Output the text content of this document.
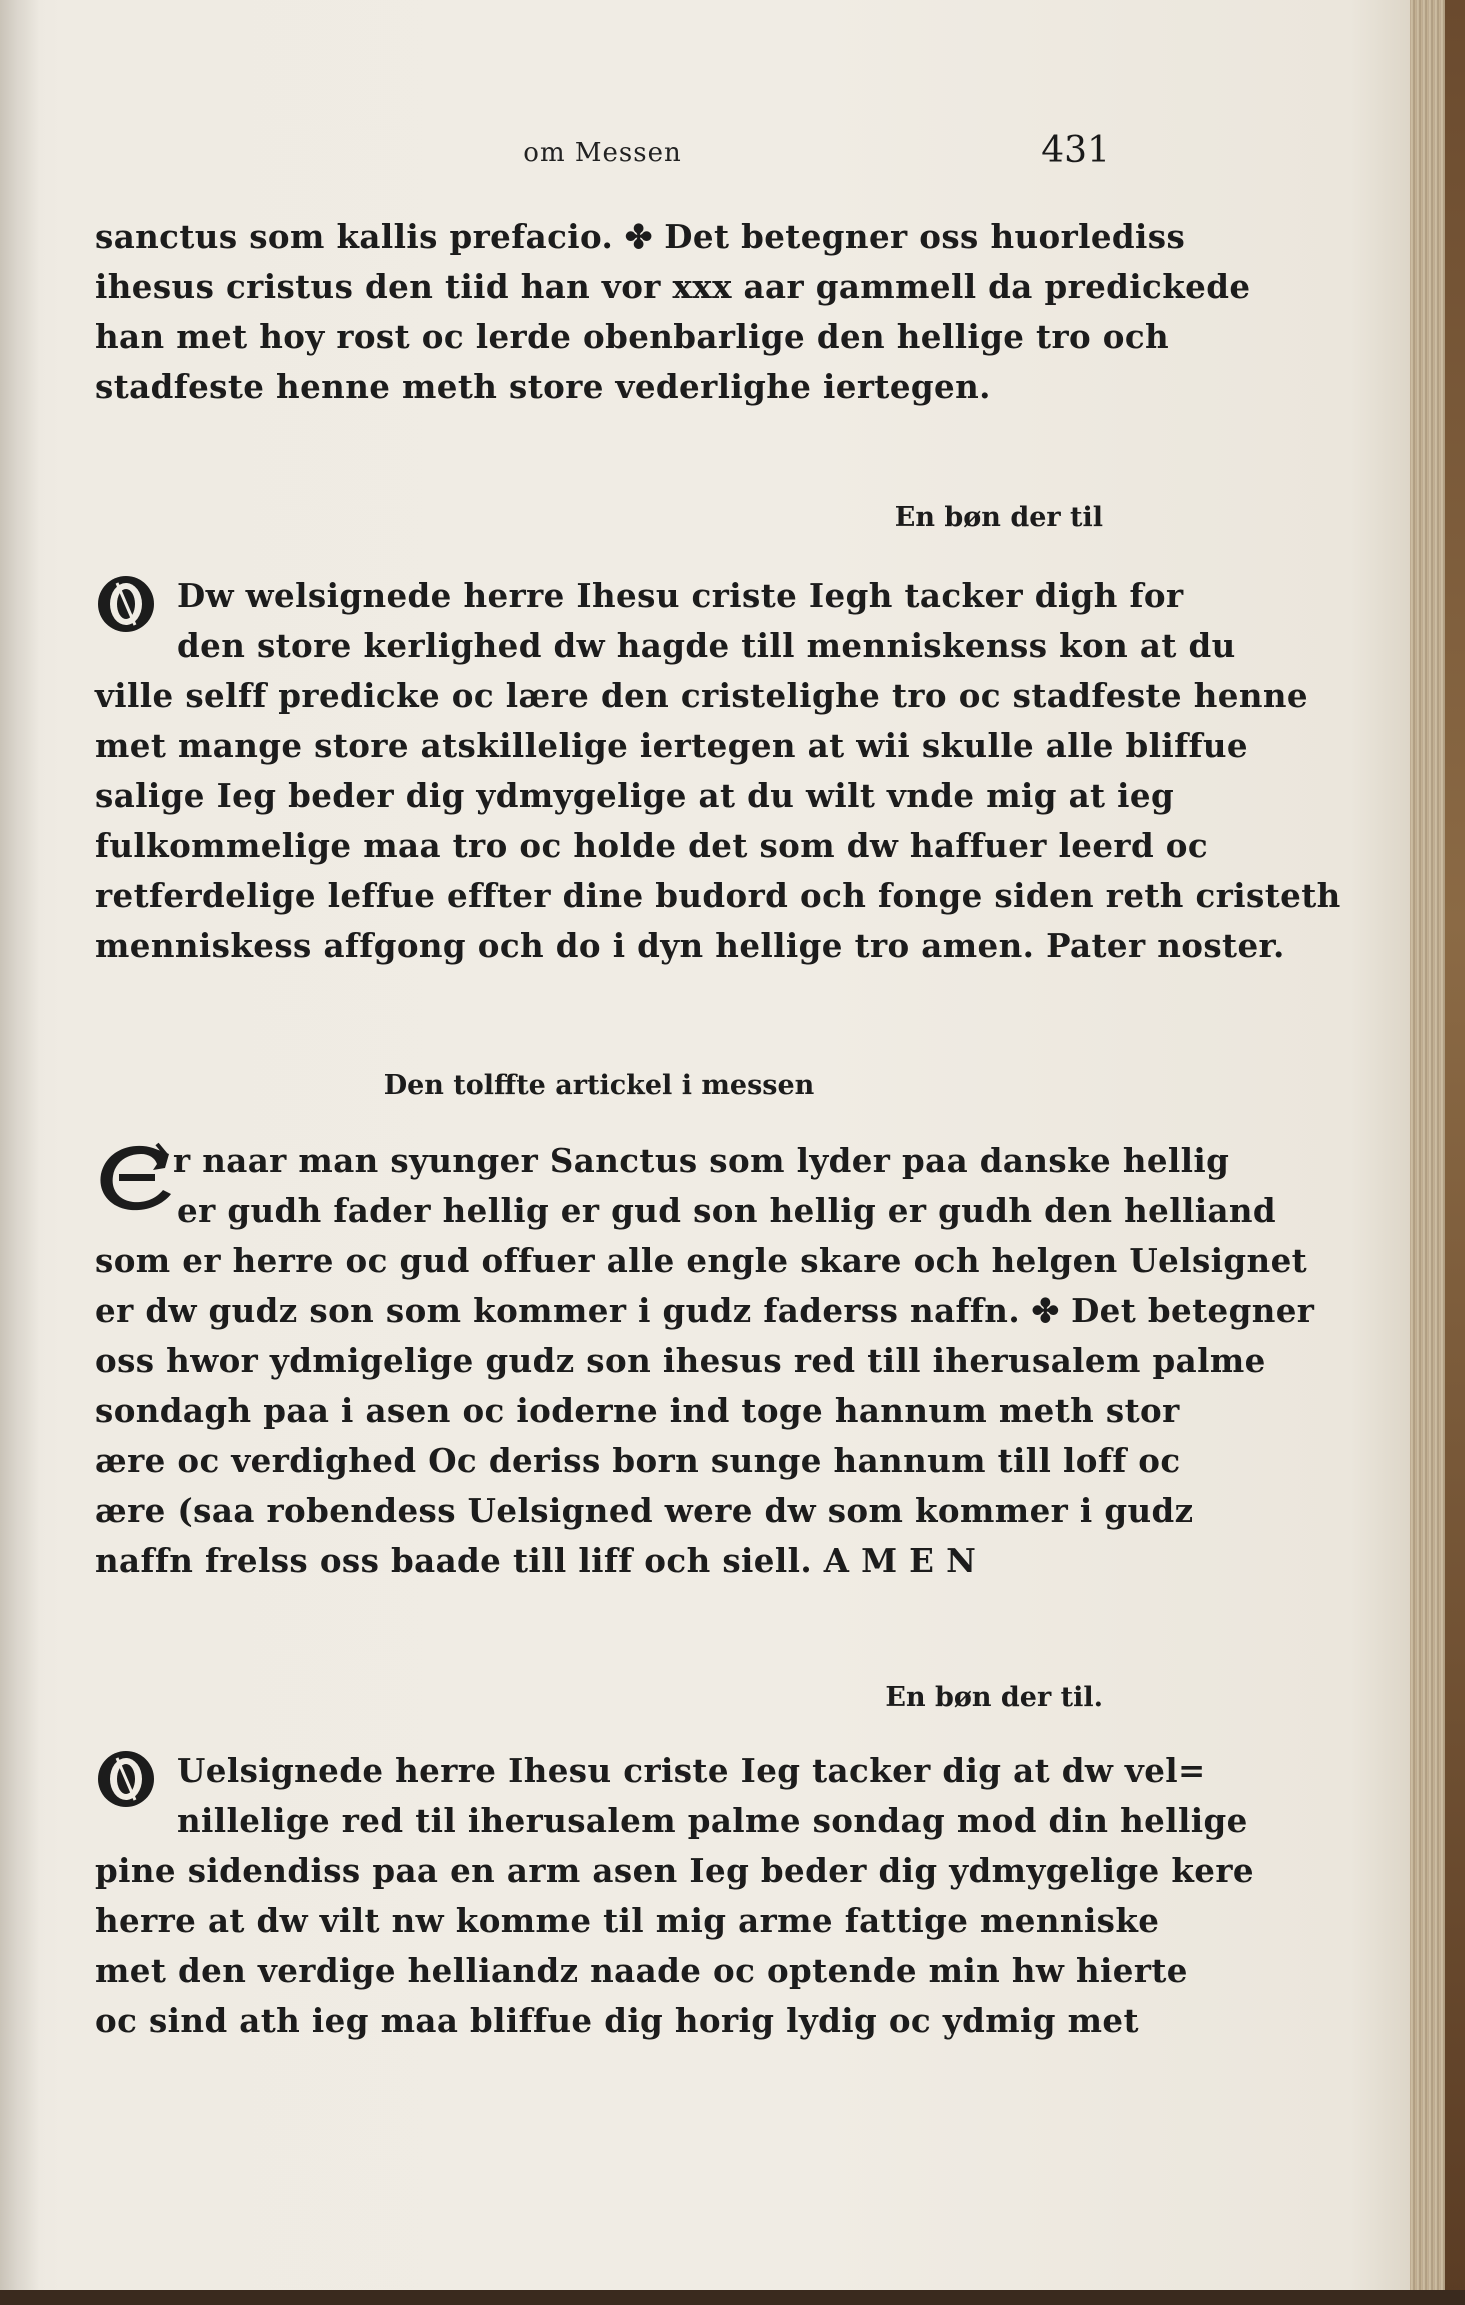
om Messen	431
sanctus som kallis prefacio. ✤ Det betegner oss huorlediss
ihesus cristus den tiid han vor xxx aar gammell da predickede
han met hoy rost oc lerde obenbarlige den hellige tro och
stadfeste henne meth store vederlighe iertegen.
En bøn der til
Dw welsignede herre Ihesu criste Iegh tacker digh for
den store kerlighed dw hagde till menniskenss kon at du
ville selff predicke oc lære den cristelighe tro oc stadfeste henne
met mange store atskillelige iertegen at wii skulle alle bliffue
salige Ieg beder dig ydmygelige at du wilt vnde mig at ieg
fulkommelige maa tro oc holde det som dw haffuer leerd oc
retferdelige leffue effter dine budord och fonge siden reth cristeth
menniskess affgong och do i dyn hellige tro amen. Pater noster.
Den tolffte artickel i messen
r naar man syunger Sanctus som lyder paa danske hellig
er gudh fader hellig er gud son hellig er gudh den helliand
som er herre oc gud offuer alle engle skare och helgen Uelsignet
er dw gudz son som kommer i gudz faderss naffn. ✤ Det betegner
oss hwor ydmigelige gudz son ihesus red till iherusalem palme
sondagh paa i asen oc ioderne ind toge hannum meth stor
ære oc verdighed Oc deriss born sunge hannum till loff oc
ære (saa robendess Uelsigned were dw som kommer i gudz
naffn frelss oss baade till liff och siell. A M E N
En bøn der til.
Uelsignede herre Ihesu criste Ieg tacker dig at dw vel=
nillelige red til iherusalem palme sondag mod din hellige
pine sidendiss paa en arm asen Ieg beder dig ydmygelige kere
herre at dw vilt nw komme til mig arme fattige menniske
met den verdige helliandz naade oc optende min hw hierte
oc sind ath ieg maa bliffue dig horig lydig oc ydmig met
